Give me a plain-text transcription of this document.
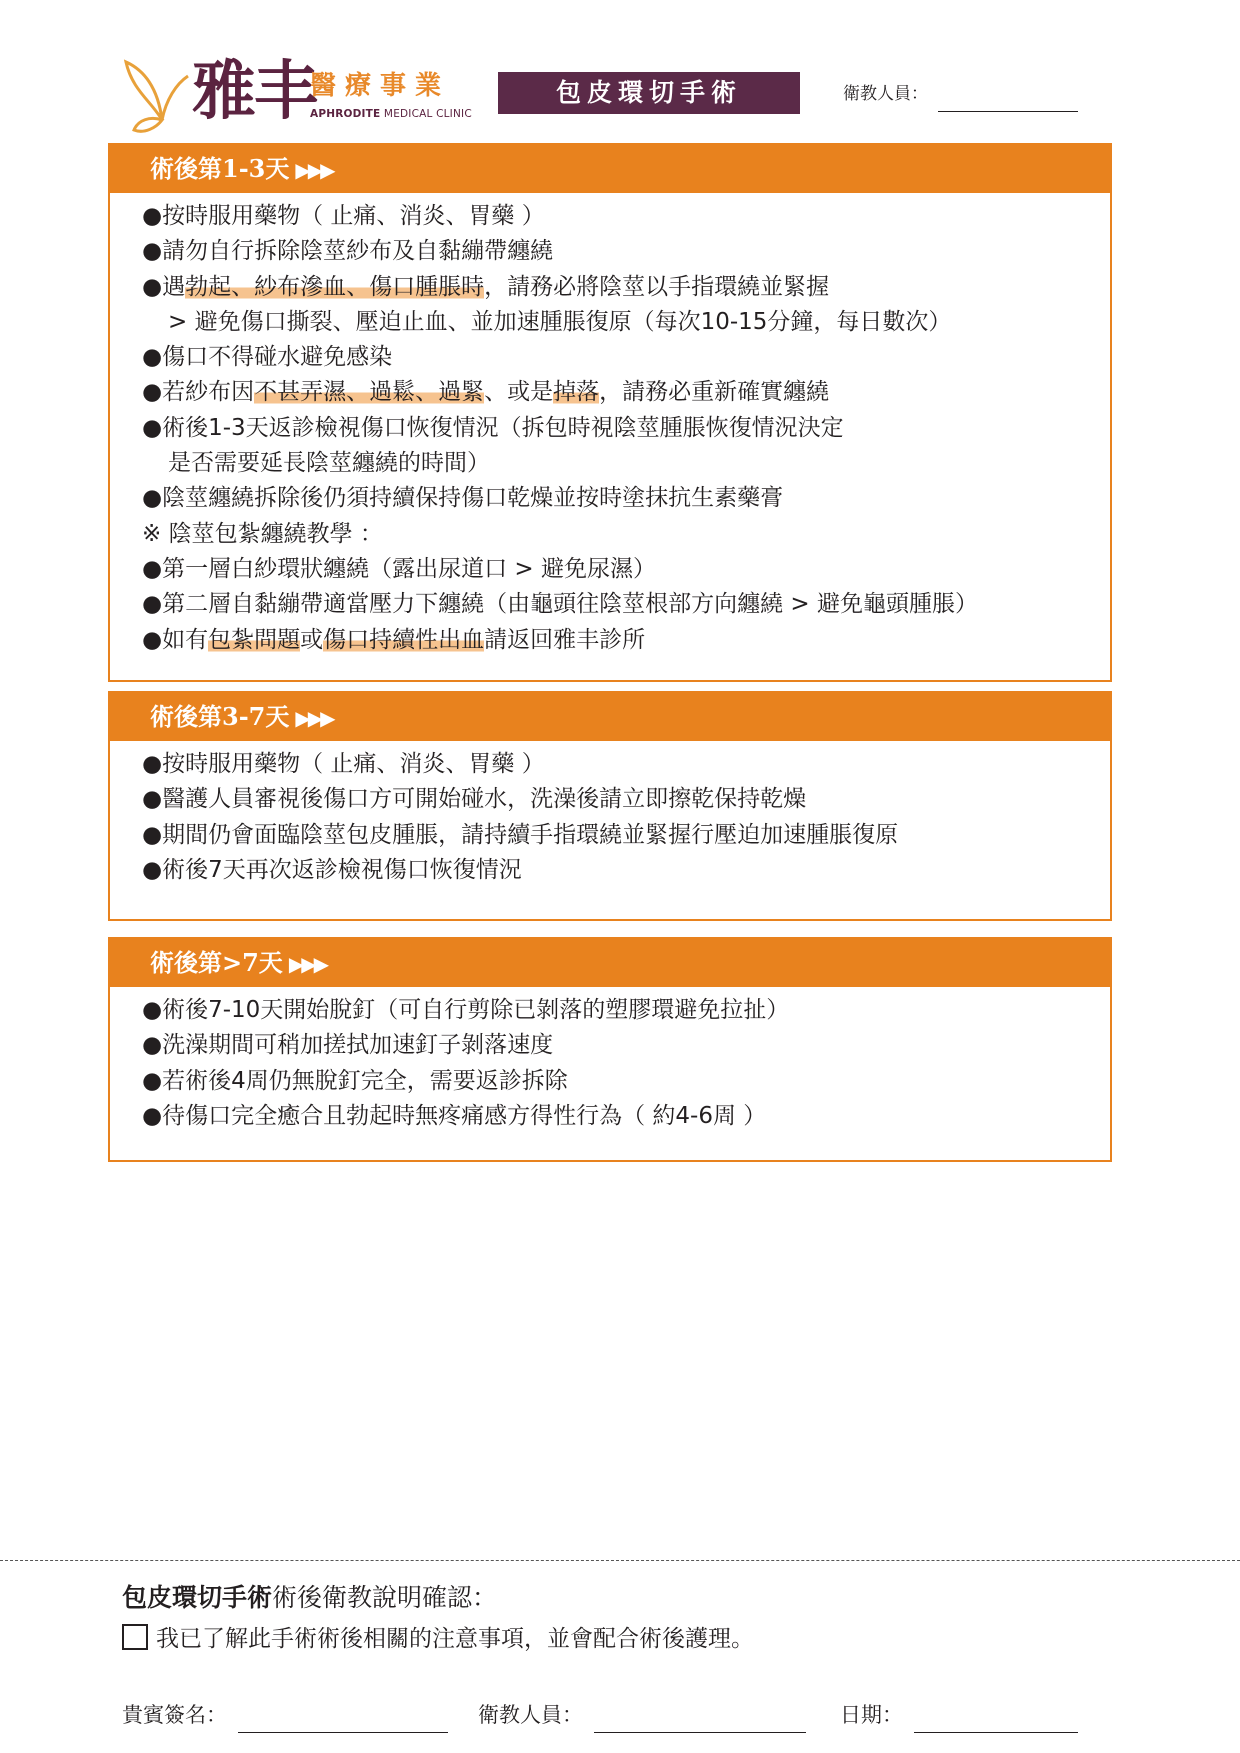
雅丰
醫療事業
APHRODITE MEDICAL CLINIC
包皮環切手術	衛教人員：
術後第1-3天 ▶▶▶
●按時服用藥物（ 止痛、消炎、胃藥 ）
●請勿自行拆除陰莖紗布及自黏繃帶纏繞
●遇勃起、紗布滲血、傷口腫脹時，請務必將陰莖以手指環繞並緊握
> 避免傷口撕裂、壓迫止血、並加速腫脹復原（每次10-15分鐘，每日數次）
●傷口不得碰水避免感染
●若紗布因不甚弄濕、過鬆、過緊、或是掉落，請務必重新確實纏繞
●術後1-3天返診檢視傷口恢復情況（拆包時視陰莖腫脹恢復情況決定
是否需要延長陰莖纏繞的時間）
●陰莖纏繞拆除後仍須持續保持傷口乾燥並按時塗抹抗生素藥膏
※ 陰莖包紮纏繞教學 ：
●第一層白紗環狀纏繞（露出尿道口 > 避免尿濕）
●第二層自黏繃帶適當壓力下纏繞（由龜頭往陰莖根部方向纏繞 > 避免龜頭腫脹）
●如有包紮問題或傷口持續性出血請返回雅丰診所
術後第3-7天 ▶▶▶
●按時服用藥物（ 止痛、消炎、胃藥 ）
●醫護人員審視後傷口方可開始碰水，洗澡後請立即擦乾保持乾燥
●期間仍會面臨陰莖包皮腫脹，請持續手指環繞並緊握行壓迫加速腫脹復原
●術後7天再次返診檢視傷口恢復情況
術後第>7天 ▶▶▶
●術後7-10天開始脫釘（可自行剪除已剝落的塑膠環避免拉扯）
●洗澡期間可稍加搓拭加速釘子剝落速度
●若術後4周仍無脫釘完全，需要返診拆除
●待傷口完全癒合且勃起時無疼痛感方得性行為（ 約4-6周 ）
包皮環切手術術後衛教說明確認：
我已了解此手術術後相關的注意事項，並會配合術後護理。
貴賓簽名：	衛教人員：	日期：
